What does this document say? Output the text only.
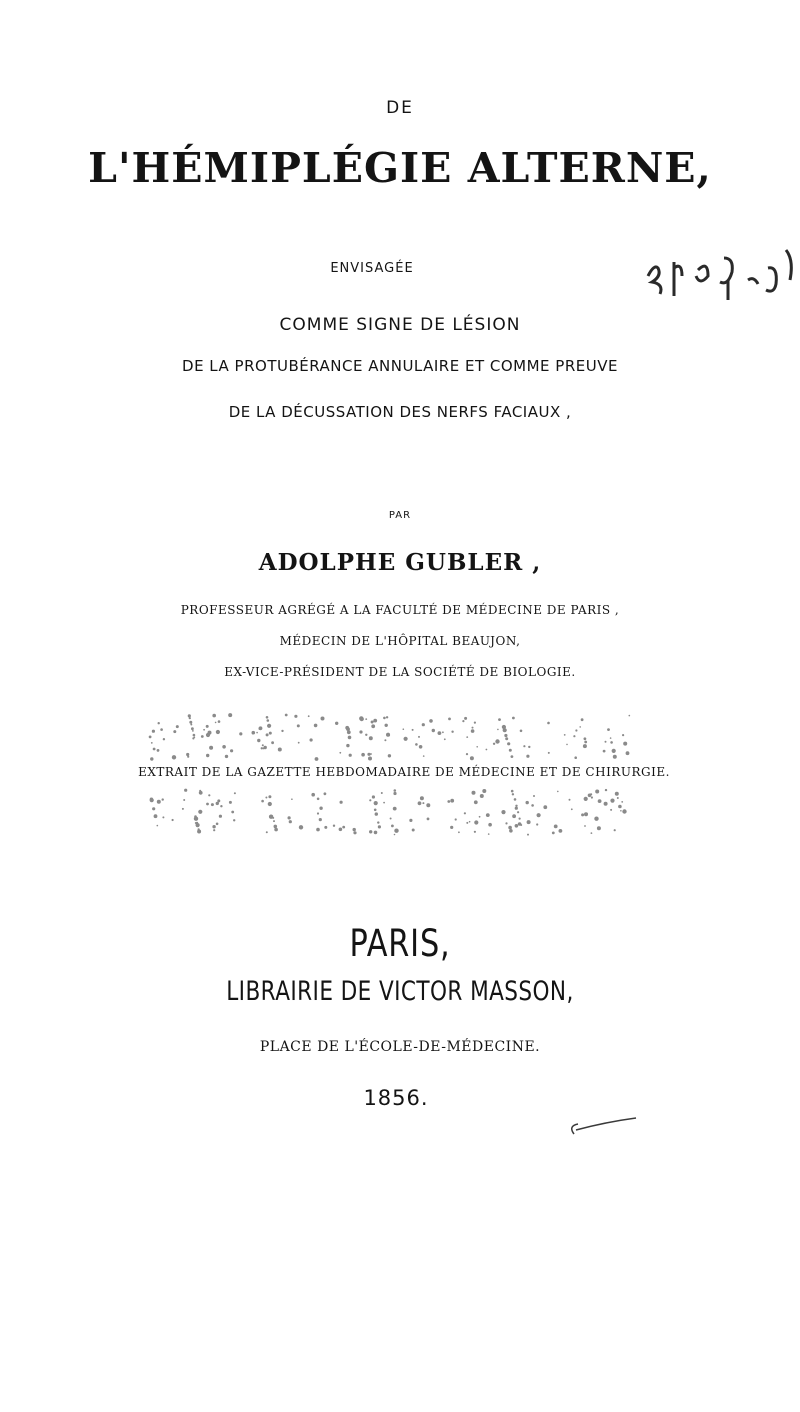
DE
L'HÉMIPLÉGIE ALTERNE,
ENVISAGÉE
COMME SIGNE DE LÉSION
DE LA PROTUBÉRANCE ANNULAIRE ET COMME PREUVE
DE LA DÉCUSSATION DES NERFS FACIAUX ,
PAR
ADOLPHE GUBLER ,
PROFESSEUR AGRÉGÉ A LA FACULTÉ DE MÉDECINE DE PARIS ,
MÉDECIN DE L'HÔPITAL BEAUJON,
EX-VICE-PRÉSIDENT DE LA SOCIÉTÉ DE BIOLOGIE.
EXTRAIT DE LA GAZETTE HEBDOMADAIRE DE MÉDECINE ET DE CHIRURGIE.
PARIS,
LIBRAIRIE DE VICTOR MASSON,
PLACE DE L'ÉCOLE-DE-MÉDECINE.
1856.
